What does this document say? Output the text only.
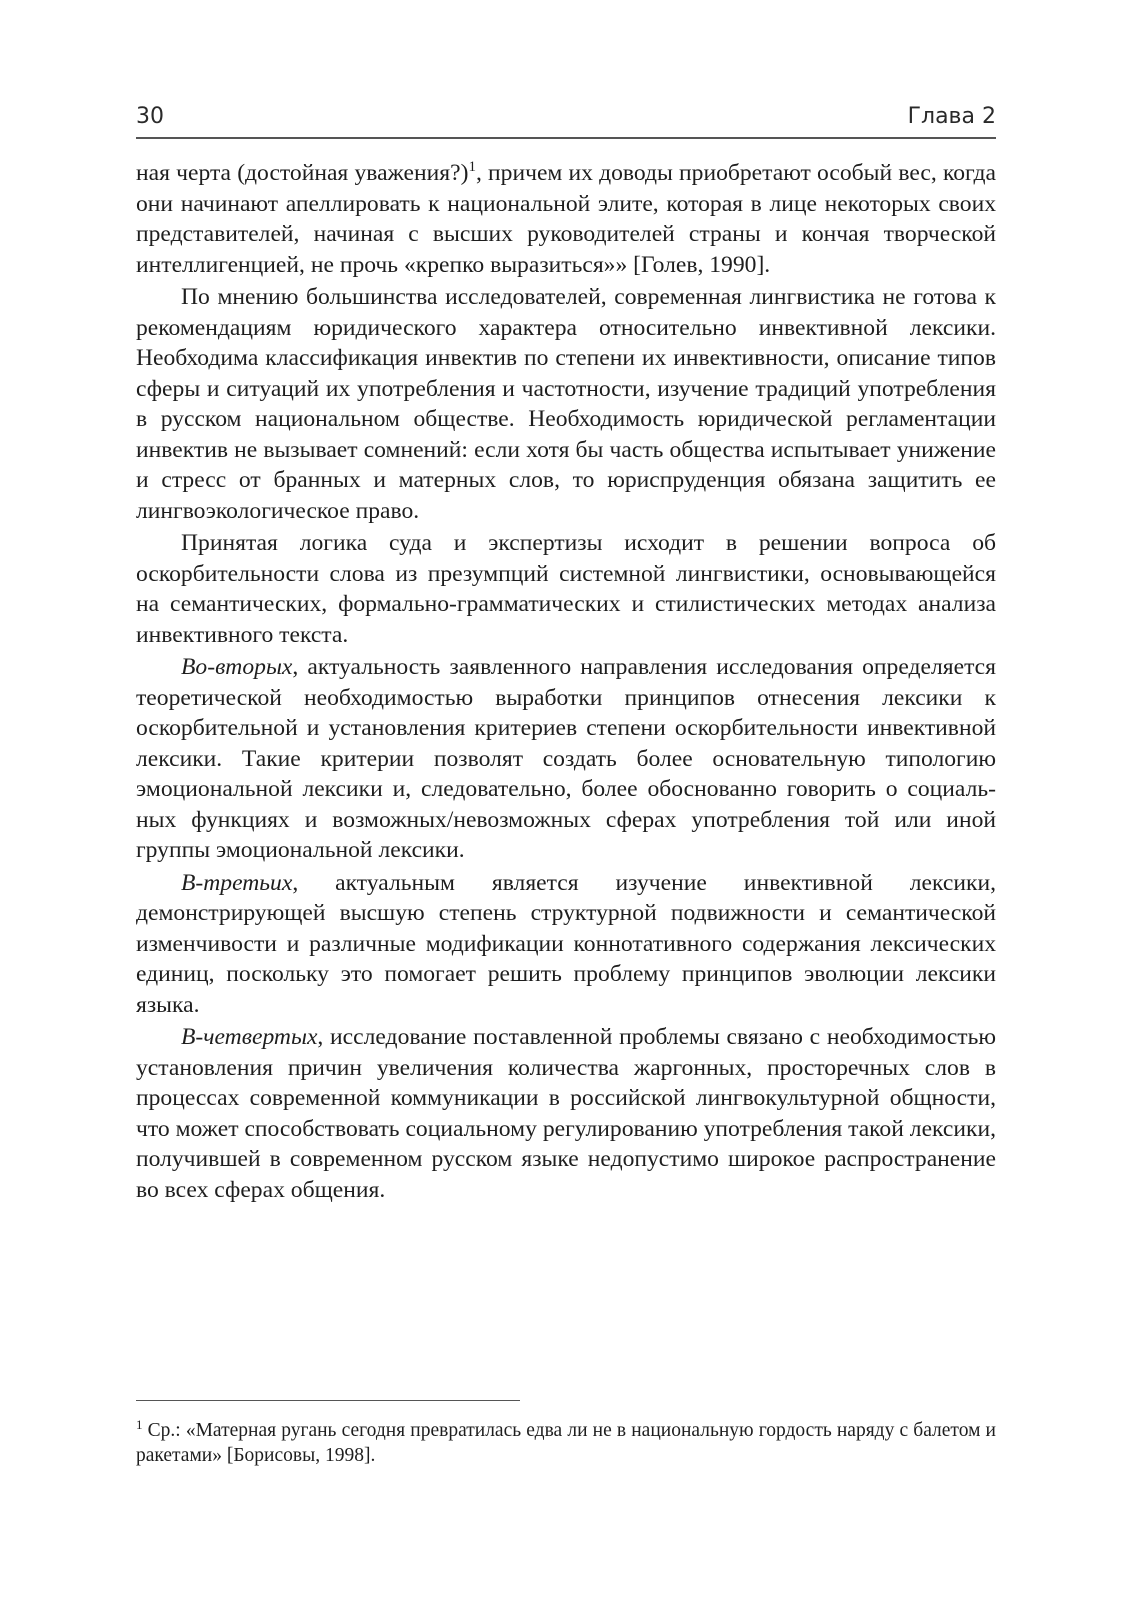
30	Глава 2

ная черта (достойная уважения?)$^1$, причем их доводы приобретают особый вес, когда они начинают апеллировать к национальной элите, которая в лице некоторых своих представителей, начиная с высших руководителей страны и кончая творческой интеллигенцией, не прочь «крепко выразиться»» [Голев, 1990].

По мнению большинства исследователей, современная лингвистика не готова к рекомендациям юридического характера относительно инвективной лексики. Необходима классификация инвектив по степени их инвективности, описание типов сферы и ситуаций их употребления и частотности, изучение традиций употребления в русском национальном обществе. Необходимость юридической регламентации инвектив не вызывает сомнений: если хотя бы часть общества испытывает унижение и стресс от бранных и матерных слов, то юриспруденция обязана защитить ее лингвоэкологическое право.

Принятая логика суда и экспертизы исходит в решении вопроса об оскорбительности слова из презумпций системной лингвистики, основывающейся на семантических, формально-грамматических и стилистических методах анализа инвективного текста.

Во-вторых, актуальность заявленного направления исследования определяется теоретической необходимостью выработки принципов отнесения лексики к оскорбительной и установления критериев степени оскорбительности инвективной лексики. Такие критерии позволят создать более основательную типологию эмоциональной лексики и, следовательно, более обоснованно говорить о социальных функциях и возможных/невозможных сферах употребления той или иной группы эмоциональной лексики.

В-третьих, актуальным является изучение инвективной лексики, демонстрирующей высшую степень структурной подвижности и семантической изменчивости и различные модификации коннотативного содержания лексических единиц, поскольку это помогает решить проблему принципов эволюции лексики языка.

В-четвертых, исследование поставленной проблемы связано с необходимостью установления причин увеличения количества жаргонных, просторечных слов в процессах современной коммуникации в российской лингвокультурной общности, что может способствовать социальному регулированию употребления такой лексики, получившей в современном русском языке недопустимо широкое распространение во всех сферах общения.

$^1$ Ср.: «Матерная ругань сегодня превратилась едва ли не в национальную гордость наряду с балетом и ракетами» [Борисовы, 1998].
